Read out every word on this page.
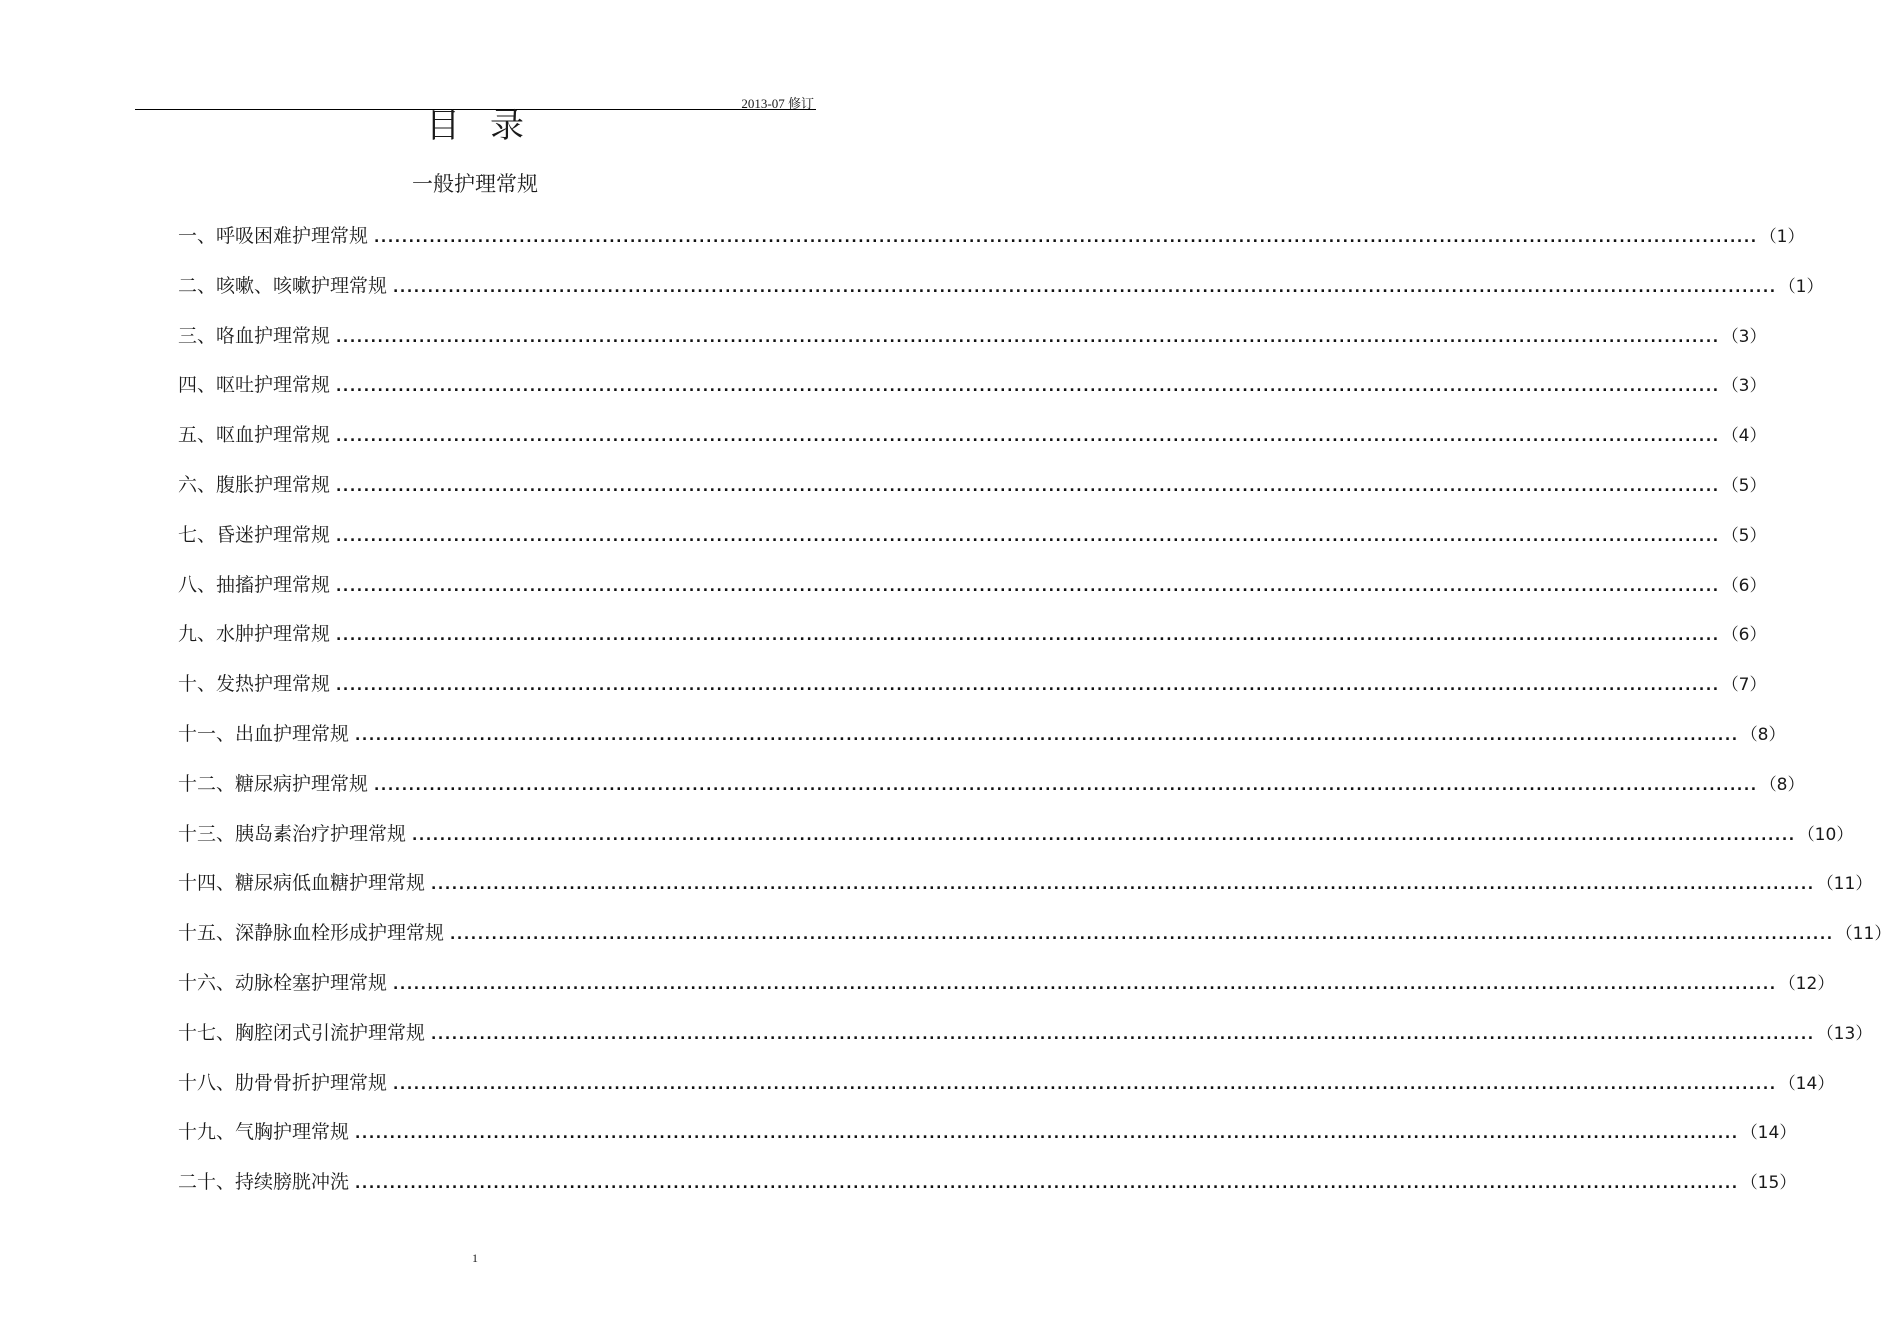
2013-07 修订
目录
一般护理常规
一、呼吸困难护理常规 ........................................................................................................................................................................................................ （1）
二、咳嗽、咳嗽护理常规 ........................................................................................................................................................................................................ （1）
三、咯血护理常规 ........................................................................................................................................................................................................ （3）
四、呕吐护理常规 ........................................................................................................................................................................................................ （3）
五、呕血护理常规 ........................................................................................................................................................................................................ （4）
六、腹胀护理常规 ........................................................................................................................................................................................................ （5）
七、昏迷护理常规 ........................................................................................................................................................................................................ （5）
八、抽搐护理常规 ........................................................................................................................................................................................................ （6）
九、水肿护理常规 ........................................................................................................................................................................................................ （6）
十、发热护理常规 ........................................................................................................................................................................................................ （7）
十一、出血护理常规 ........................................................................................................................................................................................................ （8）
十二、糖尿病护理常规 ........................................................................................................................................................................................................ （8）
十三、胰岛素治疗护理常规 ........................................................................................................................................................................................................ （10）
十四、糖尿病低血糖护理常规 ........................................................................................................................................................................................................ （11）
十五、深静脉血栓形成护理常规 ........................................................................................................................................................................................................ （11）
十六、动脉栓塞护理常规 ........................................................................................................................................................................................................ （12）
十七、胸腔闭式引流护理常规 ........................................................................................................................................................................................................ （13）
十八、肋骨骨折护理常规 ........................................................................................................................................................................................................ （14）
十九、气胸护理常规 ........................................................................................................................................................................................................ （14）
二十、持续膀胱冲洗 ........................................................................................................................................................................................................ （15）
1
